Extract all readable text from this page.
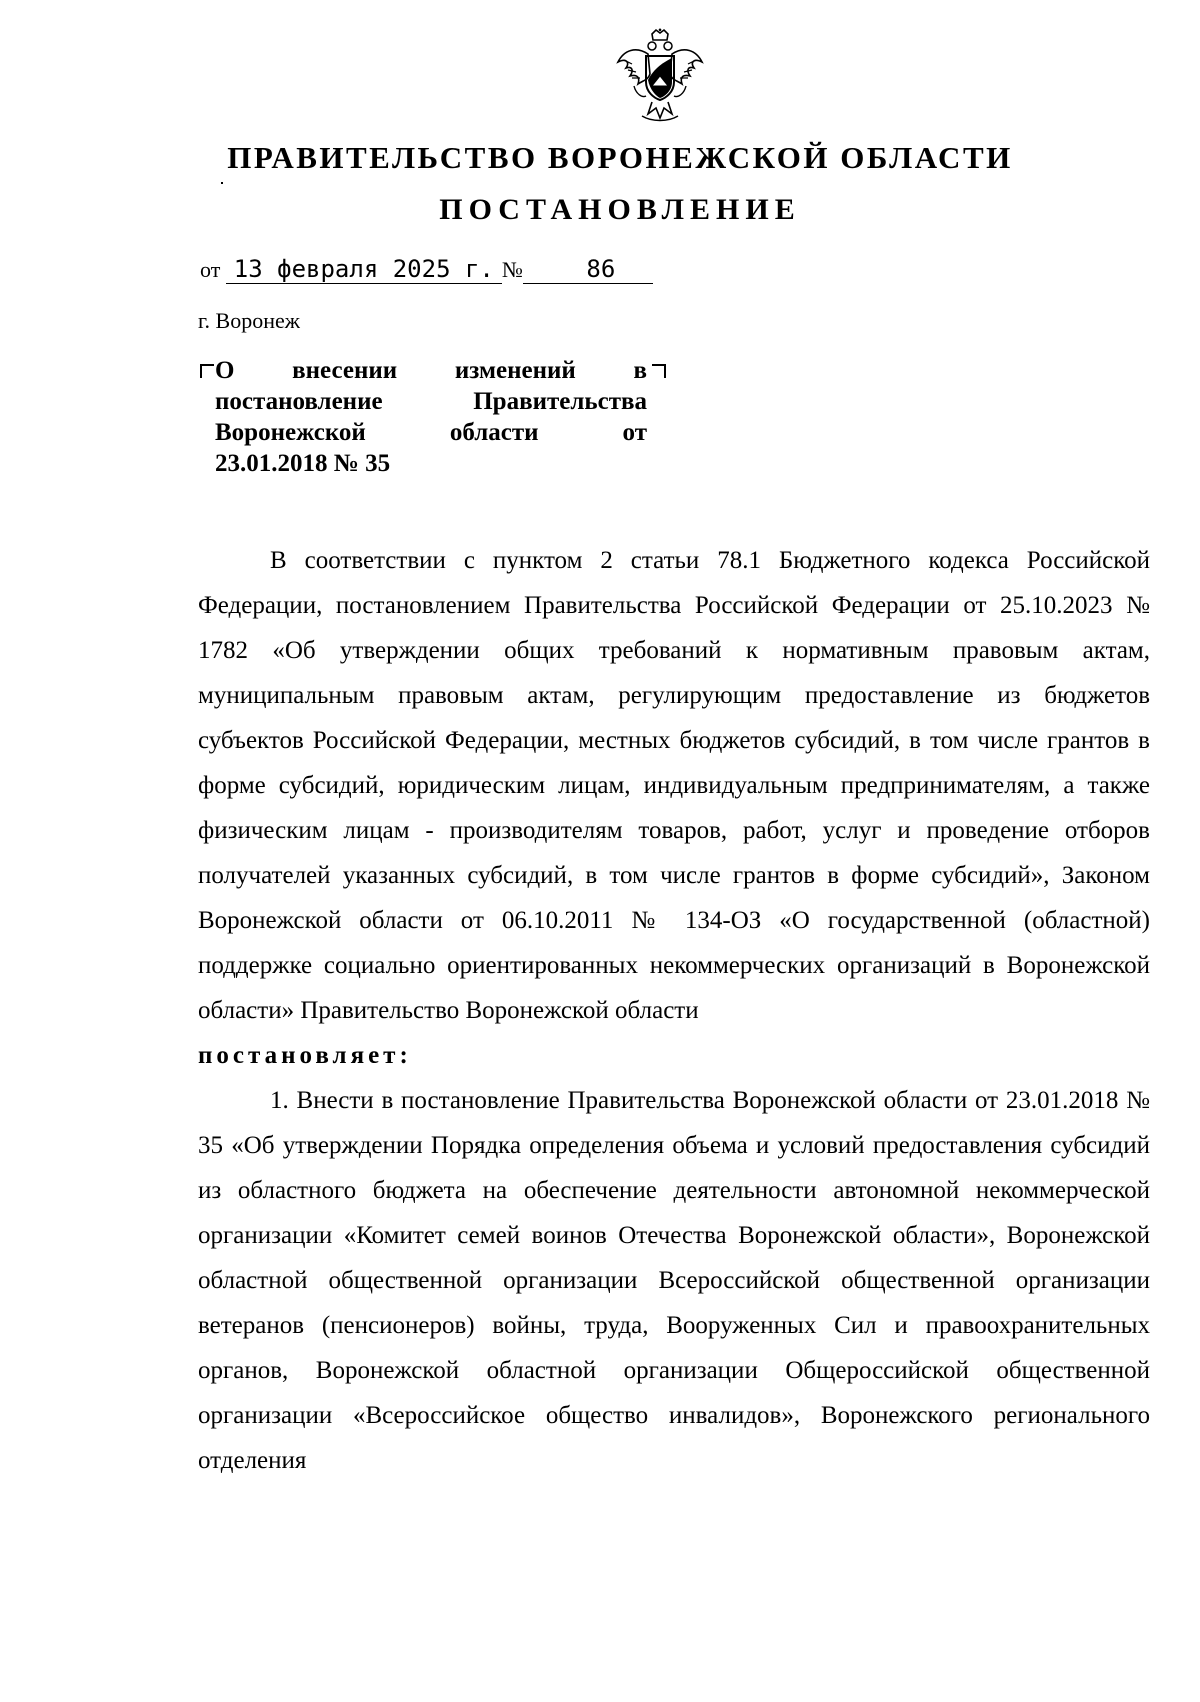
ПРАВИТЕЛЬСТВО ВОРОНЕЖСКОЙ ОБЛАСТИ
ПОСТАНОВЛЕНИЕ
от 13 февраля 2025 г. №	86
г. Воронеж
О внесении изменений в
постановление	Правительства
Воронежской	области	от
23.01.2018 № 35

В соответствии с пунктом 2 статьи 78.1 Бюджетного кодекса Российской Федерации, постановлением Правительства Российской Федерации от 25.10.2023 № 1782 «Об утверждении общих требований к нормативным правовым актам, муниципальным правовым актам, регулирующим предоставление из бюджетов субъектов Российской Федерации, местных бюджетов субсидий, в том числе грантов в форме субсидий, юридическим лицам, индивидуальным предпринимателям, а также физическим лицам - производителям товаров, работ, услуг и проведение отборов получателей указанных субсидий, в том числе грантов в форме субсидий», Законом Воронежской области от 06.10.2011 № 134-ОЗ «О государственной (областной) поддержке социально ориентированных некоммерческих организаций в Воронежской области» Правительство Воронежской области
постановляет:

1. Внести в постановление Правительства Воронежской области от 23.01.2018 № 35 «Об утверждении Порядка определения объема и условий предоставления субсидий из областного бюджета на обеспечение деятельности автономной некоммерческой организации «Комитет семей воинов Отечества Воронежской области», Воронежской областной общественной организации Всероссийской общественной организации ветеранов (пенсионеров) войны, труда, Вооруженных Сил и правоохранительных органов, Воронежской областной организации Общероссийской общественной организации «Всероссийское общество инвалидов», Воронежского регионального отделения
